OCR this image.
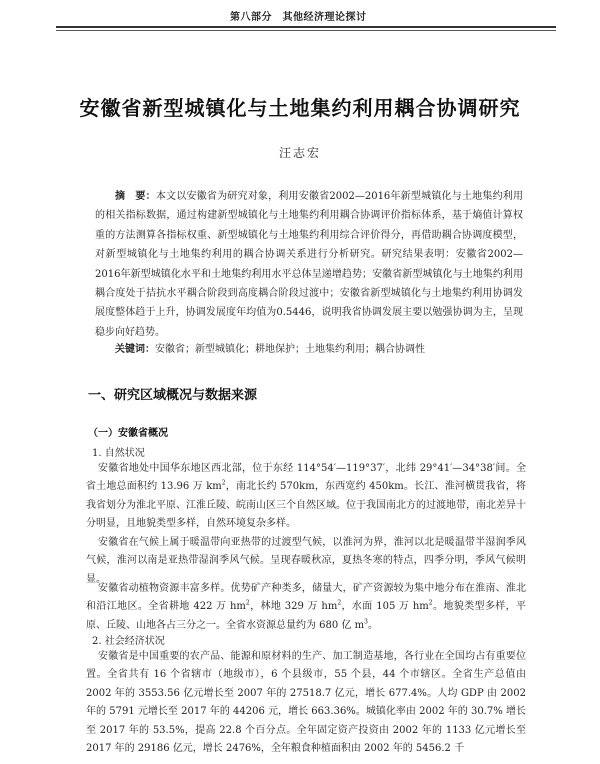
第八部分　其他经济理论探讨
安徽省新型城镇化与土地集约利用耦合协调研究
汪志宏

摘　要：本文以安徽省为研究对象，利用安徽省2002—2016年新型城镇化与土地集约利用的相关指标数据，通过构建新型城镇化与土地集约利用耦合协调评价指标体系，基于熵值计算权重的方法测算各指标权重、新型城镇化与土地集约利用综合评价得分，再借助耦合协调度模型，对新型城镇化与土地集约利用的耦合协调关系进行分析研究。研究结果表明：安徽省2002—2016年新型城镇化水平和土地集约利用水平总体呈递增趋势；安徽省新型城镇化与土地集约利用耦合度处于拮抗水平耦合阶段到高度耦合阶段过渡中；安徽省新型城镇化与土地集约利用协调发展度整体趋于上升，协调发展度年均值为0.5446，说明我省协调发展主要以勉强协调为主，呈现稳步向好趋势。

关键词：安徽省；新型城镇化；耕地保护；土地集约利用；耦合协调性
一、研究区域概况与数据来源
（一）安徽省概况
1. 自然状况

安徽省地处中国华东地区西北部，位于东经 114°54′—119°37′，北纬 29°41′—34°38′间。全省土地总面积约 13.96 万 $km^2$，南北长约 570km，东西宽约 450km。长江、淮河横贯我省，将我省划分为淮北平原、江淮丘陵、皖南山区三个自然区域。位于我国南北方的过渡地带，南北差异十分明显，且地貌类型多样，自然环境复杂多样。

安徽省在气候上属于暖温带向亚热带的过渡型气候，以淮河为界，淮河以北是暖温带半湿润季风气候，淮河以南是亚热带湿润季风气候。呈现春暖秋凉，夏热冬寒的特点，四季分明，季风气候明显。

安徽省动植物资源丰富多样。优势矿产种类多，储量大，矿产资源较为集中地分布在淮南、淮北和沿江地区。全省耕地 422 万 $hm^2$，林地 329 万 $hm^2$，水面 105 万 $hm^2$。地貌类型多样，平原、丘陵、山地各占三分之一。全省水资源总量约为 680 亿 $m^3$。

2. 社会经济状况

安徽省是中国重要的农产品、能源和原材料的生产、加工制造基地，各行业在全国均占有重要位置。全省共有 16 个省辖市（地级市），6 个县级市，55 个县，44 个市辖区。全省生产总值由 2002 年的 3553.56 亿元增长至 2007 年的 27518.7 亿元，增长 677.4%。人均 GDP 由 2002 年的 5791 元增长至 2017 年的 44206 元，增长 663.36%。城镇化率由 2002 年的 30.7% 增长至 2017 年的 53.5%，提高 22.8 个百分点。全年固定资产投资由 2002 年的 1133 亿元增长至 2017 年的 29186 亿元，增长 2476%，全年粮食种植面积由 2002 年的 5456.2 千
